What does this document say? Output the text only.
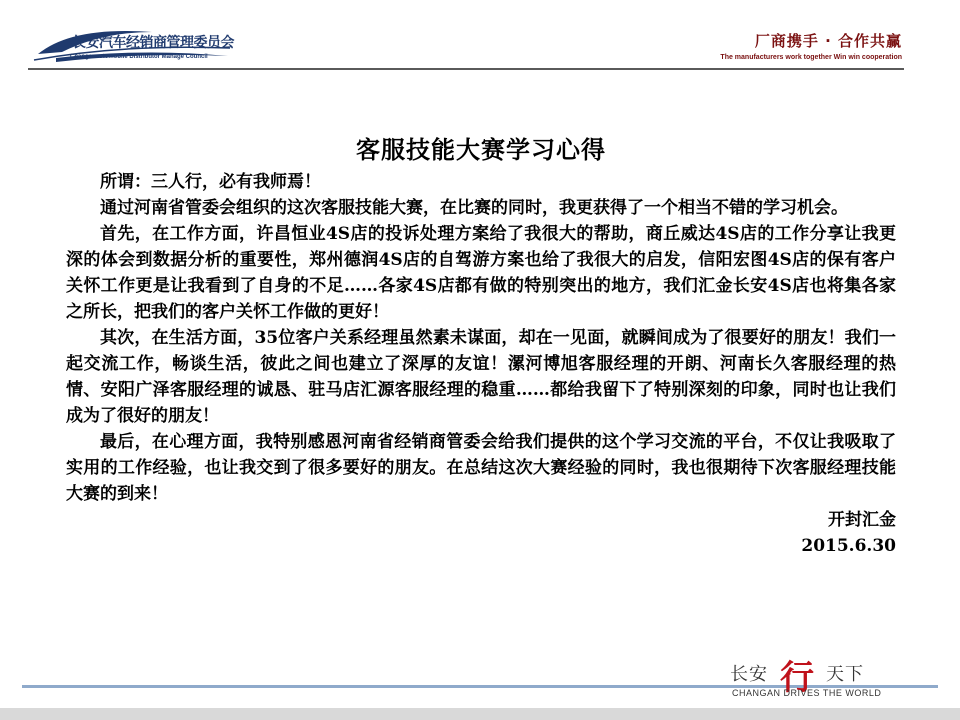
长安汽车经销商管理委员会
Changanautomobile Distributor Manage Council
厂商携手 · 合作共赢
The manufacturers work together Win win cooperation
客服技能大赛学习心得

所谓：三人行，必有我师焉！

通过河南省管委会组织的这次客服技能大赛，在比赛的同时，我更获得了一个相当不错的学习机会。

首先，在工作方面，许昌恒业4S店的投诉处理方案给了我很大的帮助，商丘威达4S店的工作分享让我更深的体会到数据分析的重要性，郑州德润4S店的自驾游方案也给了我很大的启发，信阳宏图4S店的保有客户关怀工作更是让我看到了自身的不足……各家4S店都有做的特别突出的地方，我们汇金长安4S店也将集各家之所长，把我们的客户关怀工作做的更好！

其次，在生活方面，35位客户关系经理虽然素未谋面，却在一见面，就瞬间成为了很要好的朋友！我们一起交流工作，畅谈生活，彼此之间也建立了深厚的友谊！漯河博旭客服经理的开朗、河南长久客服经理的热情、安阳广泽客服经理的诚恳、驻马店汇源客服经理的稳重……都给我留下了特别深刻的印象，同时也让我们成为了很好的朋友！

最后，在心理方面，我特别感恩河南省经销商管委会给我们提供的这个学习交流的平台，不仅让我吸取了实用的工作经验，也让我交到了很多要好的朋友。在总结这次大赛经验的同时，我也很期待下次客服经理技能大赛的到来！

开封汇金
2015.6.30
长安 行 天下
CHANGAN DRIVES THE WORLD
